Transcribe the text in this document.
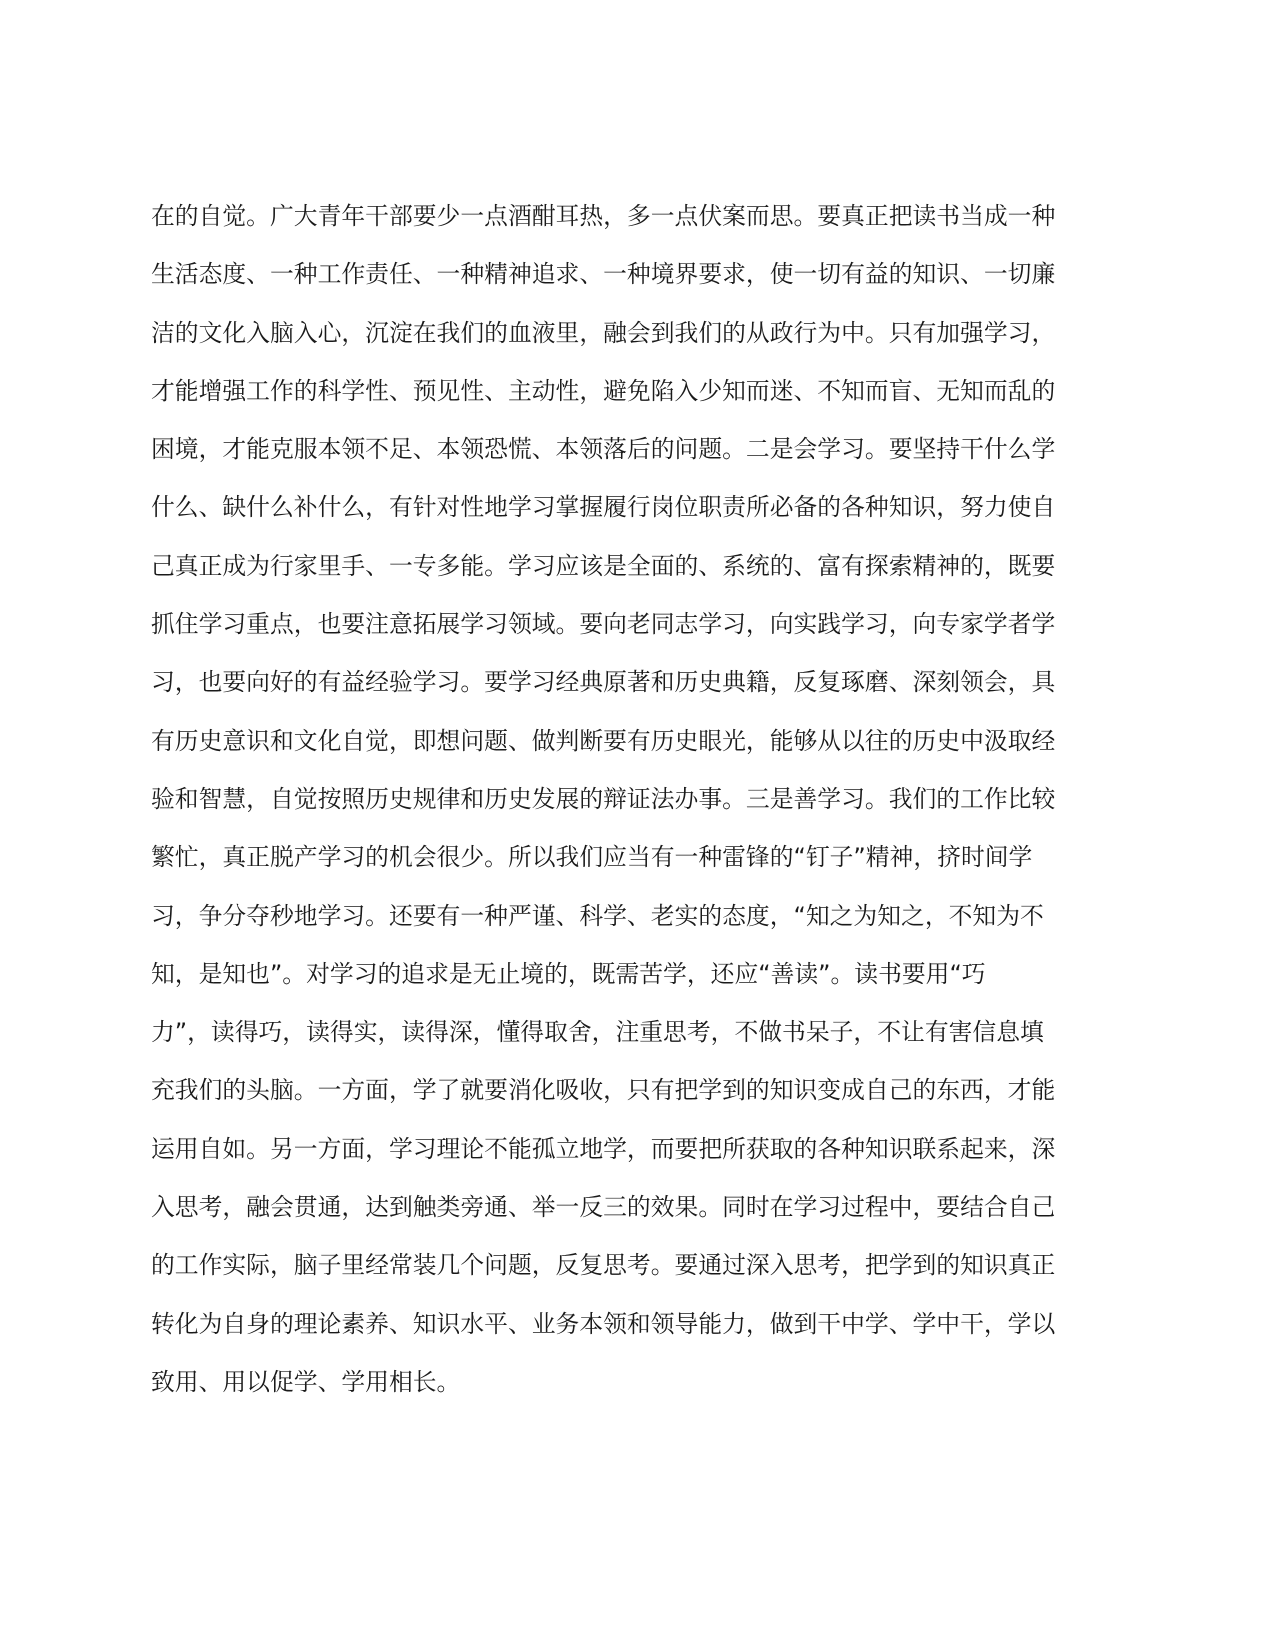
在的自觉。广大青年干部要少一点酒酣耳热，多一点伏案而思。要真正把读书当成一种
生活态度、一种工作责任、一种精神追求、一种境界要求，使一切有益的知识、一切廉
洁的文化入脑入心，沉淀在我们的血液里，融会到我们的从政行为中。只有加强学习，
才能增强工作的科学性、预见性、主动性，避免陷入少知而迷、不知而盲、无知而乱的
困境，才能克服本领不足、本领恐慌、本领落后的问题。二是会学习。要坚持干什么学
什么、缺什么补什么，有针对性地学习掌握履行岗位职责所必备的各种知识，努力使自
己真正成为行家里手、一专多能。学习应该是全面的、系统的、富有探索精神的，既要
抓住学习重点，也要注意拓展学习领域。要向老同志学习，向实践学习，向专家学者学
习，也要向好的有益经验学习。要学习经典原著和历史典籍，反复琢磨、深刻领会，具
有历史意识和文化自觉，即想问题、做判断要有历史眼光，能够从以往的历史中汲取经
验和智慧，自觉按照历史规律和历史发展的辩证法办事。三是善学习。我们的工作比较
繁忙，真正脱产学习的机会很少。所以我们应当有一种雷锋的“钉子”精神，挤时间学
习，争分夺秒地学习。还要有一种严谨、科学、老实的态度，“知之为知之，不知为不
知，是知也”。对学习的追求是无止境的，既需苦学，还应“善读”。读书要用“巧
力”，读得巧，读得实，读得深，懂得取舍，注重思考，不做书呆子，不让有害信息填
充我们的头脑。一方面，学了就要消化吸收，只有把学到的知识变成自己的东西，才能
运用自如。另一方面，学习理论不能孤立地学，而要把所获取的各种知识联系起来，深
入思考，融会贯通，达到触类旁通、举一反三的效果。同时在学习过程中，要结合自己
的工作实际，脑子里经常装几个问题，反复思考。要通过深入思考，把学到的知识真正
转化为自身的理论素养、知识水平、业务本领和领导能力，做到干中学、学中干，学以
致用、用以促学、学用相长。
